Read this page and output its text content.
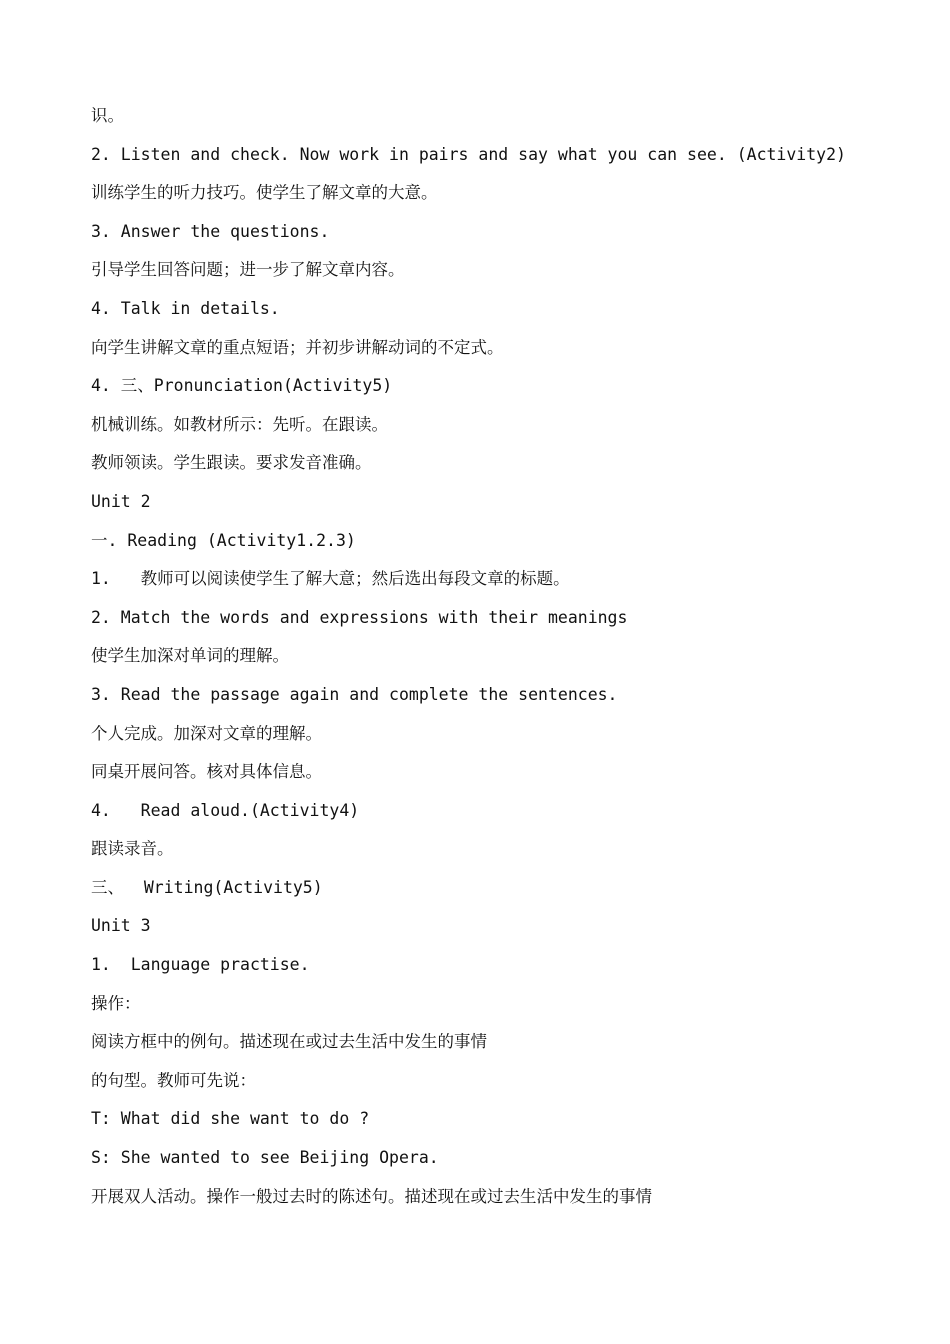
识。
2. Listen and check. Now work in pairs and say what you can see. (Activity2)
训练学生的听力技巧。使学生了解文章的大意。
3. Answer the questions.
引导学生回答问题；进一步了解文章内容。
4. Talk in details.
向学生讲解文章的重点短语；并初步讲解动词的不定式。
4. 三、Pronunciation(Activity5)
机械训练。如教材所示：先听。在跟读。
教师领读。学生跟读。要求发音准确。
Unit 2
一. Reading (Activity1.2.3)
1.   教师可以阅读使学生了解大意；然后选出每段文章的标题。
2. Match the words and expressions with their meanings
使学生加深对单词的理解。
3. Read the passage again and complete the sentences.
个人完成。加深对文章的理解。
同桌开展问答。核对具体信息。
4.   Read aloud.(Activity4)
跟读录音。
三、  Writing(Activity5)
Unit 3
1.  Language practise.
操作：
阅读方框中的例句。描述现在或过去生活中发生的事情
的句型。教师可先说：
T: What did she want to do ?
S: She wanted to see Beijing Opera.
开展双人活动。操作一般过去时的陈述句。描述现在或过去生活中发生的事情
